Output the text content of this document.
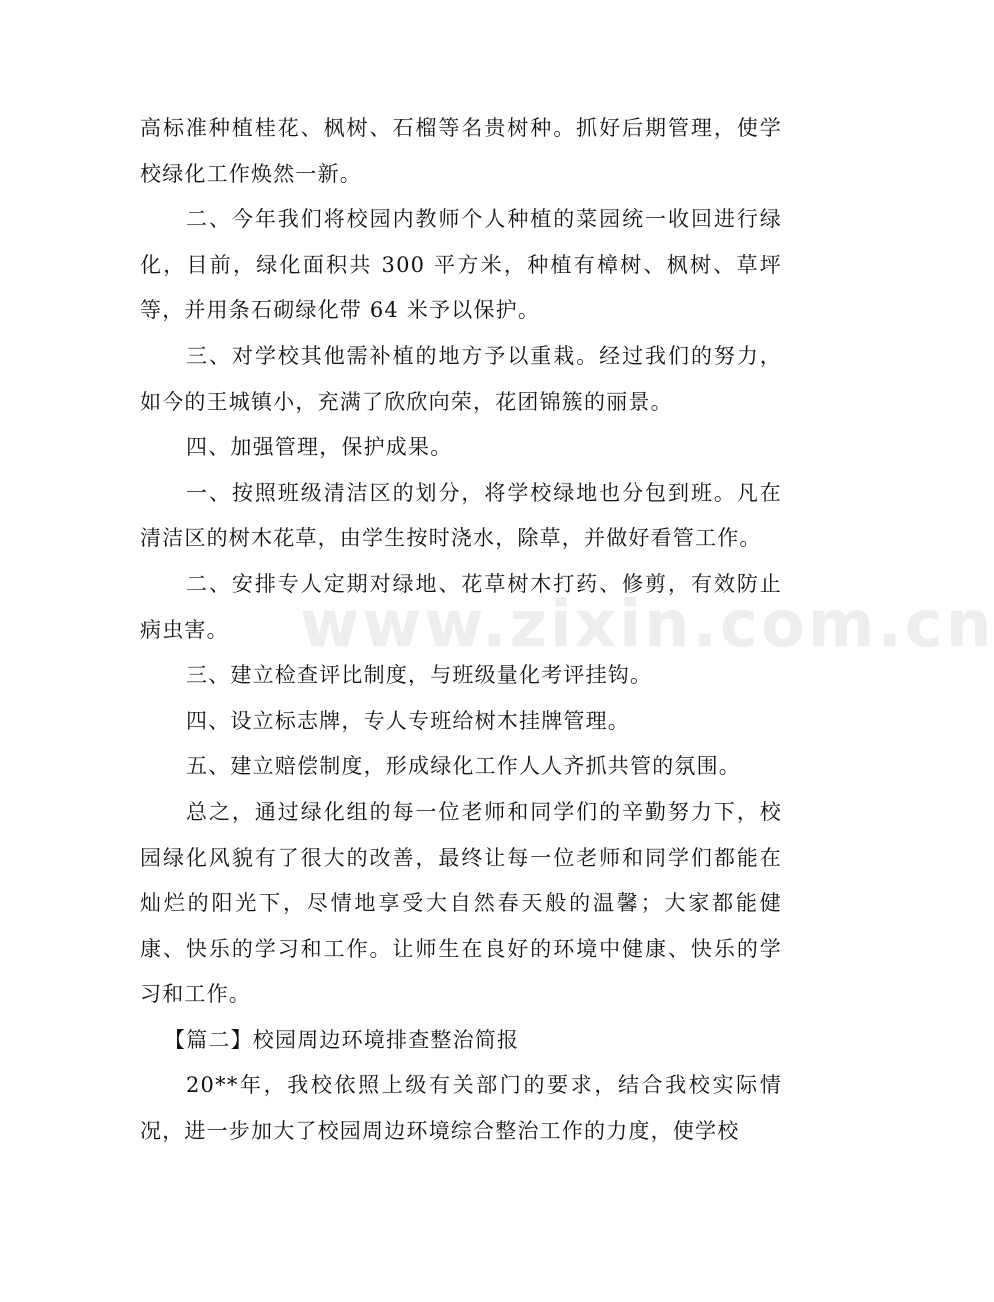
高标准种植桂花、枫树、石榴等名贵树种。抓好后期管理，使学校绿化工作焕然一新。

二、今年我们将校园内教师个人种植的菜园统一收回进行绿化，目前，绿化面积共 300 平方米，种植有樟树、枫树、草坪等，并用条石砌绿化带 64 米予以保护。

三、对学校其他需补植的地方予以重栽。经过我们的努力，如今的王城镇小，充满了欣欣向荣，花团锦簇的丽景。

四、加强管理，保护成果。

一、按照班级清洁区的划分，将学校绿地也分包到班。凡在清洁区的树木花草，由学生按时浇水，除草，并做好看管工作。

二、安排专人定期对绿地、花草树木打药、修剪，有效防止病虫害。

三、建立检查评比制度，与班级量化考评挂钩。

四、设立标志牌，专人专班给树木挂牌管理。

五、建立赔偿制度，形成绿化工作人人齐抓共管的氛围。

总之，通过绿化组的每一位老师和同学们的辛勤努力下，校园绿化风貌有了很大的改善，最终让每一位老师和同学们都能在灿烂的阳光下，尽情地享受大自然春天般的温馨；大家都能健康、快乐的学习和工作。让师生在良好的环境中健康、快乐的学习和工作。

【篇二】校园周边环境排查整治简报

20**年，我校依照上级有关部门的要求，结合我校实际情况，进一步加大了校园周边环境综合整治工作的力度，使学校

www.zixin.com.cn
